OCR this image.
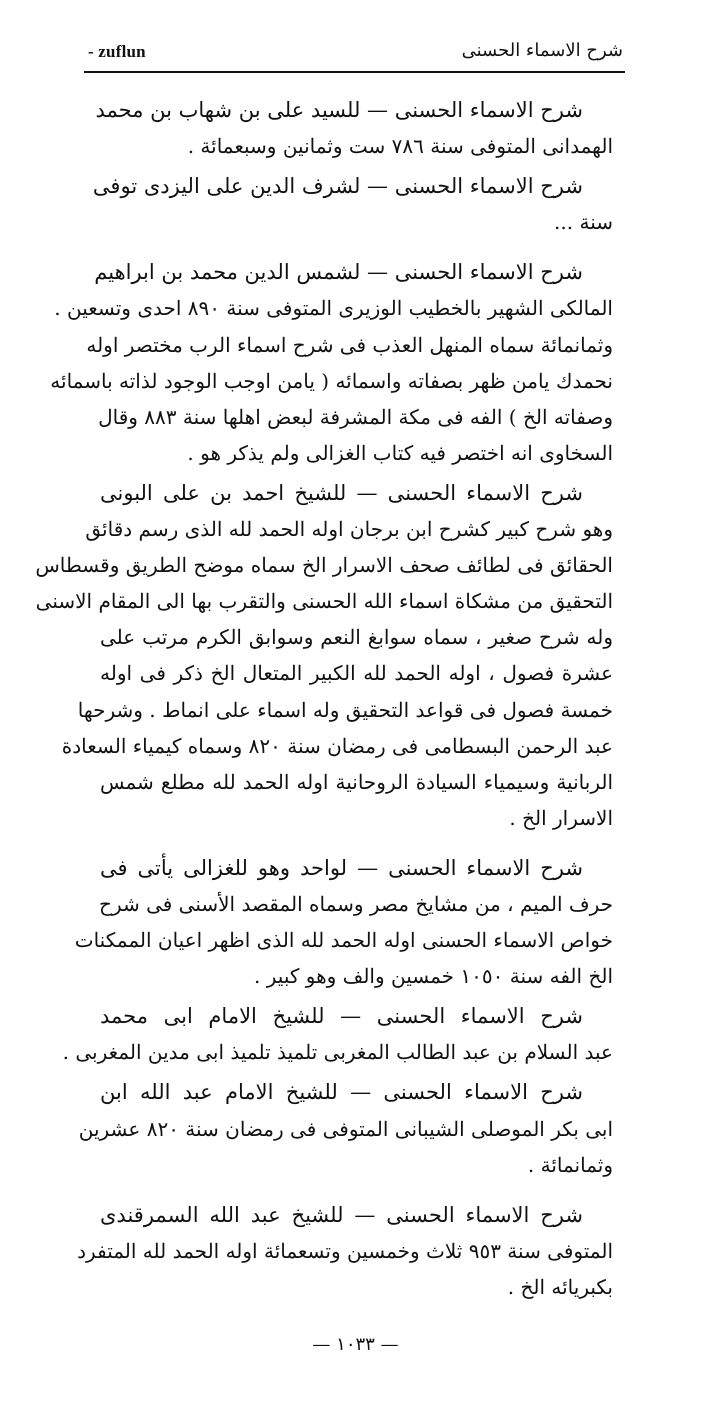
- zuflun	شرح الاسماء الحسنى
شرح الاسماء الحسنى — للسيد على بن شهاب بن محمد
الهمدانى المتوفى سنة ٧٨٦ ست وثمانين وسبعمائة .
شرح الاسماء الحسنى — لشرف الدين على اليزدى توفى
سنة ...
شرح الاسماء الحسنى — لشمس الدين محمد بن ابراهيم
المالكى الشهير بالخطيب الوزيرى المتوفى سنة ٨٩٠ احدى وتسعين .
وثمانمائة سماه المنهل العذب فى شرح اسماء الرب مختصر اوله
نحمدك يامن ظهر بصفاته واسمائه ( يامن اوجب الوجود لذاته باسمائه
وصفاته الخ ) الفه فى مكة المشرفة لبعض اهلها سنة ٨٨٣ وقال
السخاوى انه اختصر فيه كتاب الغزالى ولم يذكر هو .
شرح الاسماء الحسنى — للشيخ احمد بن على البونى
وهو شرح كبير كشرح ابن برجان اوله الحمد لله الذى رسم دقائق
الحقائق فى لطائف صحف الاسرار الخ سماه موضح الطريق وقسطاس
التحقيق من مشكاة اسماء الله الحسنى والتقرب بها الى المقام الاسنى
وله شرح صغير ، سماه سوابغ النعم وسوابق الكرم مرتب على
عشرة فصول ، اوله الحمد لله الكبير المتعال الخ ذكر فى اوله
خمسة فصول فى قواعد التحقيق وله اسماء على انماط . وشرحها
عبد الرحمن البسطامى فى رمضان سنة ٨٢٠ وسماه كيمياء السعادة
الربانية وسيمياء السيادة الروحانية اوله الحمد لله مطلع شمس
الاسرار الخ .
شرح الاسماء الحسنى — لواحد وهو للغزالى يأتى فى
حرف الميم ، من مشايخ مصر وسماه المقصد الأسنى فى شرح
خواص الاسماء الحسنى اوله الحمد لله الذى اظهر اعيان الممكنات
الخ الفه سنة ١٠٥٠ خمسين والف وهو كبير .
شرح الاسماء الحسنى — للشيخ الامام ابى محمد
عبد السلام بن عبد الطالب المغربى تلميذ تلميذ ابى مدين المغربى .
شرح الاسماء الحسنى — للشيخ الامام عبد الله ابن
ابى بكر الموصلى الشيبانى المتوفى فى رمضان سنة ٨٢٠ عشرين
وثمانمائة .
شرح الاسماء الحسنى — للشيخ عبد الله السمرقندى
المتوفى سنة ٩٥٣ ثلاث وخمسين وتسعمائة اوله الحمد لله المتفرد
بكبريائه الخ .
— ١٠٣٣ —
